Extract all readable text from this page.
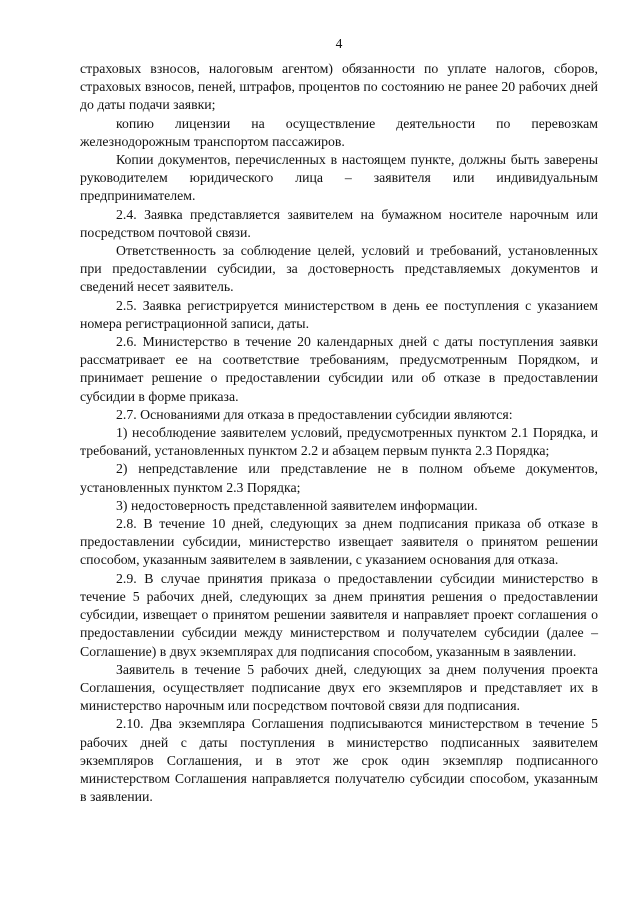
4

страховых взносов, налоговым агентом) обязанности по уплате налогов, сборов, страховых взносов, пеней, штрафов, процентов по состоянию не ранее 20 рабочих дней до даты подачи заявки;

копию лицензии на осуществление деятельности по перевозкам железнодорожным транспортом пассажиров.

Копии документов, перечисленных в настоящем пункте, должны быть заверены руководителем юридического лица – заявителя или индивидуальным предпринимателем.

2.4. Заявка представляется заявителем на бумажном носителе нарочным или посредством почтовой связи.

Ответственность за соблюдение целей, условий и требований, установленных при предоставлении субсидии, за достоверность представляемых документов и сведений несет заявитель.

2.5. Заявка регистрируется министерством в день ее поступления с указанием номера регистрационной записи, даты.

2.6. Министерство в течение 20 календарных дней с даты поступления заявки рассматривает ее на соответствие требованиям, предусмотренным Порядком, и принимает решение о предоставлении субсидии или об отказе в предоставлении субсидии в форме приказа.

2.7. Основаниями для отказа в предоставлении субсидии являются:

1) несоблюдение заявителем условий, предусмотренных пунктом 2.1 Порядка, и требований, установленных пунктом 2.2 и абзацем первым пункта 2.3 Порядка;

2) непредставление или представление не в полном объеме документов, установленных пунктом 2.3 Порядка;

3) недостоверность представленной заявителем информации.

2.8. В течение 10 дней, следующих за днем подписания приказа об отказе в предоставлении субсидии, министерство извещает заявителя о принятом решении способом, указанным заявителем в заявлении, с указанием основания для отказа.

2.9. В случае принятия приказа о предоставлении субсидии министерство в течение 5 рабочих дней, следующих за днем принятия решения о предоставлении субсидии, извещает о принятом решении заявителя и направляет проект соглашения о предоставлении субсидии между министерством и получателем субсидии (далее – Соглашение) в двух экземплярах для подписания способом, указанным в заявлении.

Заявитель в течение 5 рабочих дней, следующих за днем получения проекта Соглашения, осуществляет подписание двух его экземпляров и представляет их в министерство нарочным или посредством почтовой связи для подписания.

2.10. Два экземпляра Соглашения подписываются министерством в течение 5 рабочих дней с даты поступления в министерство подписанных заявителем экземпляров Соглашения, и в этот же срок один экземпляр подписанного министерством Соглашения направляется получателю субсидии способом, указанным в заявлении.
